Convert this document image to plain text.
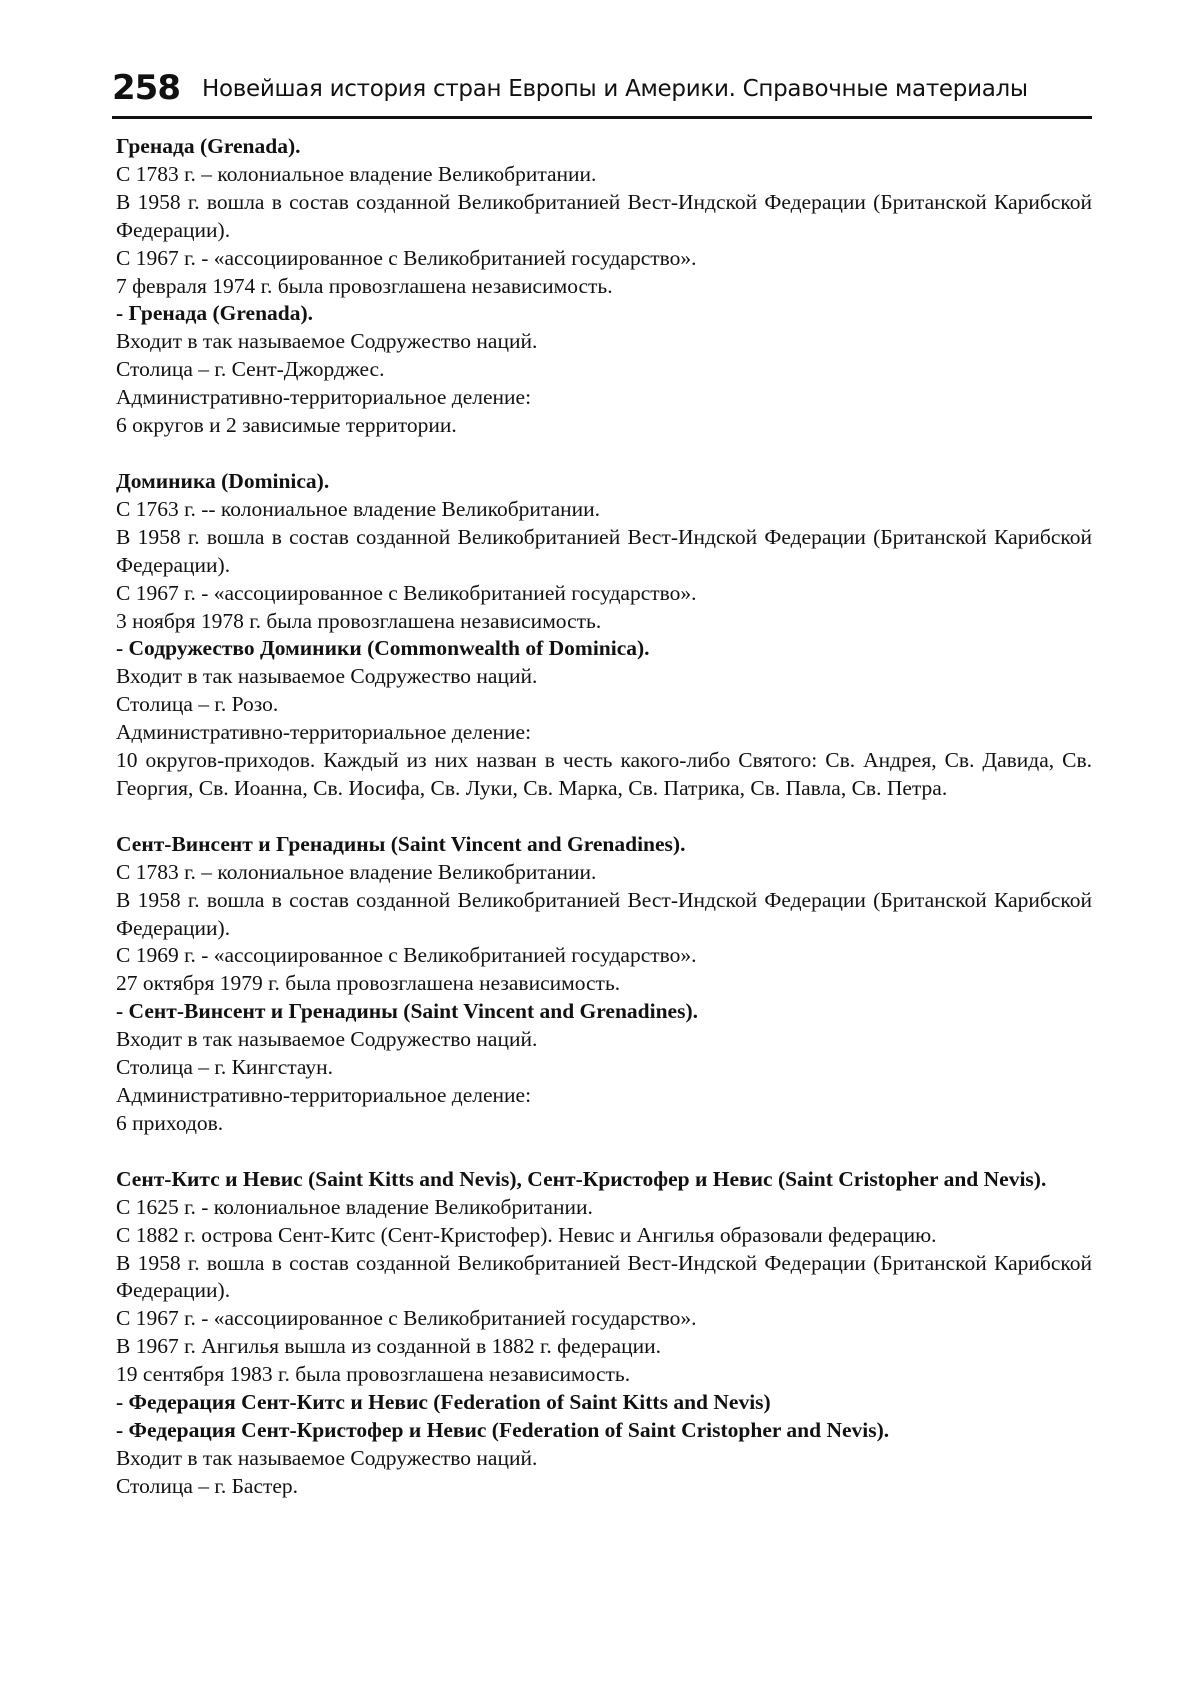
258 Новейшая история стран Европы и Америки. Справочные материалы
Гренада (Grenada).
С 1783 г. – колониальное владение Великобритании.
В 1958 г. вошла в состав созданной Великобританией Вест-Индской Федерации (Британской Карибской Федерации).
С 1967 г. - «ассоциированное с Великобританией государство».
7 февраля 1974 г. была провозглашена независимость.
- Гренада (Grenada).
Входит в так называемое Содружество наций.
Столица – г. Сент-Джорджес.
Административно-территориальное деление:
6 округов и 2 зависимые территории.
Доминика (Dominica).
С 1763 г. -- колониальное владение Великобритании.
В 1958 г. вошла в состав созданной Великобританией Вест-Индской Федерации (Британской Карибской Федерации).
С 1967 г. - «ассоциированное с Великобританией государство».
3 ноября 1978 г. была провозглашена независимость.
- Содружество Доминики (Commonwealth of Dominica).
Входит в так называемое Содружество наций.
Столица – г. Розо.
Административно-территориальное деление:
10 округов-приходов. Каждый из них назван в честь какого-либо Святого: Св. Андрея, Св. Давида, Св. Георгия, Св. Иоанна, Св. Иосифа, Св. Луки, Св. Марка, Св. Патрика, Св. Павла, Св. Петра.
Сент-Винсент и Гренадины (Saint Vincent and Grenadines).
С 1783 г. – колониальное владение Великобритании.
В 1958 г. вошла в состав созданной Великобританией Вест-Индской Федерации (Британской Карибской Федерации).
С 1969 г. - «ассоциированное с Великобританией государство».
27 октября 1979 г. была провозглашена независимость.
- Сент-Винсент и Гренадины (Saint Vincent and Grenadines).
Входит в так называемое Содружество наций.
Столица – г. Кингстаун.
Административно-территориальное деление:
6 приходов.
Сент-Китс и Невис (Saint Kitts and Nevis), Сент-Кристофер и Невис (Saint Cristopher and Nevis).
С 1625 г. - колониальное владение Великобритании.
С 1882 г. острова Сент-Китс (Сент-Кристофер). Невис и Ангилья образовали федерацию.
В 1958 г. вошла в состав созданной Великобританией Вест-Индской Федерации (Британской Карибской Федерации).
С 1967 г. - «ассоциированное с Великобританией государство».
В 1967 г. Ангилья вышла из созданной в 1882 г. федерации.
19 сентября 1983 г. была провозглашена независимость.
- Федерация Сент-Китс и Невис (Federation of Saint Kitts and Nevis)
- Федерация Сент-Кристофер и Невис (Federation of Saint Cristopher and Nevis).
Входит в так называемое Содружество наций.
Столица – г. Бастер.
